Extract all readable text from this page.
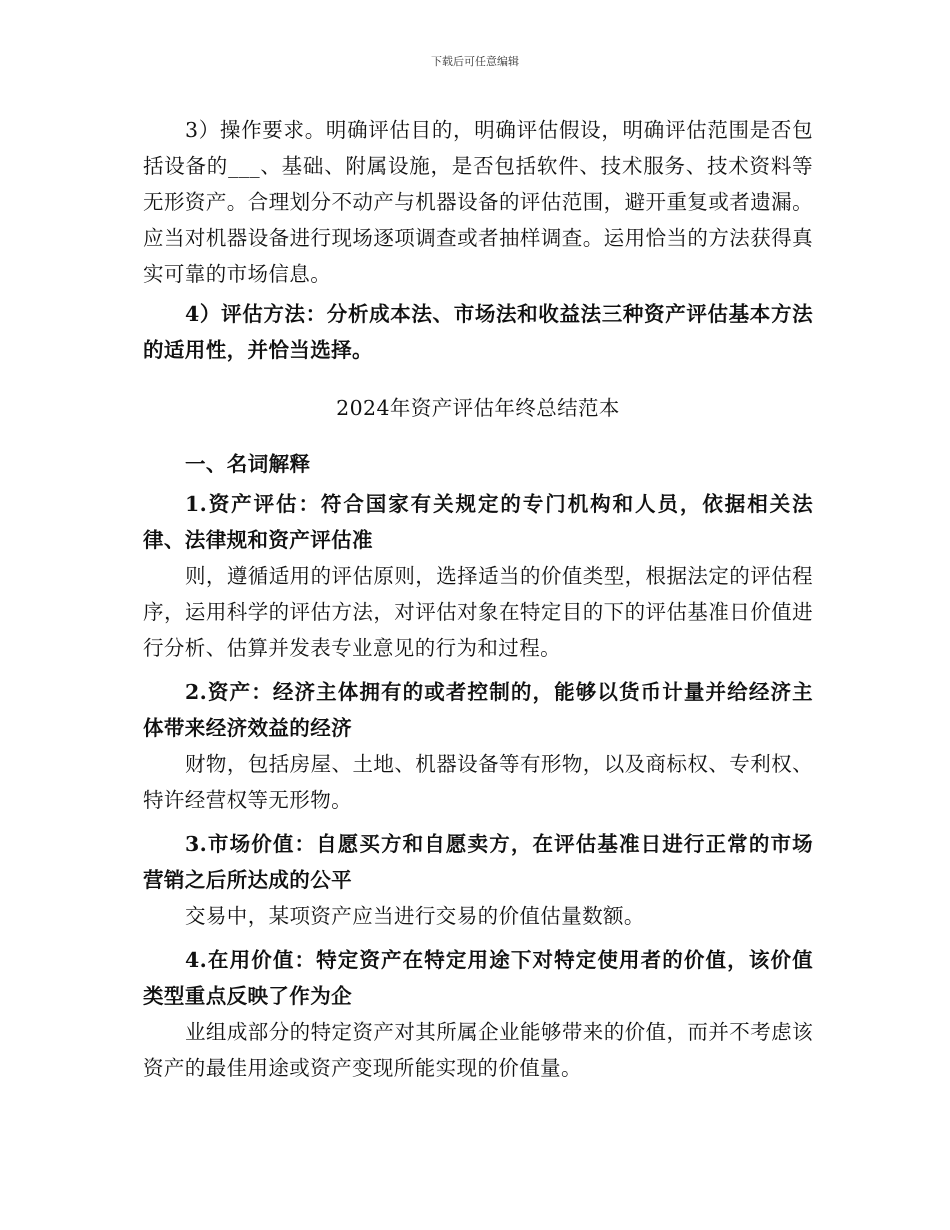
下载后可任意编辑

3）操作要求。明确评估目的，明确评估假设，明确评估范围是否包括设备的___、基础、附属设施，是否包括软件、技术服务、技术资料等无形资产。合理划分不动产与机器设备的评估范围，避开重复或者遗漏。应当对机器设备进行现场逐项调查或者抽样调查。运用恰当的方法获得真实可靠的市场信息。

4）评估方法：分析成本法、市场法和收益法三种资产评估基本方法的适用性，并恰当选择。

2024年资产评估年终总结范本

一、名词解释

1.资产评估：符合国家有关规定的专门机构和人员，依据相关法律、法律规和资产评估准

则，遵循适用的评估原则，选择适当的价值类型，根据法定的评估程序，运用科学的评估方法，对评估对象在特定目的下的评估基准日价值进行分析、估算并发表专业意见的行为和过程。

2.资产：经济主体拥有的或者控制的，能够以货币计量并给经济主体带来经济效益的经济

财物，包括房屋、土地、机器设备等有形物，以及商标权、专利权、特许经营权等无形物。

3.市场价值：自愿买方和自愿卖方，在评估基准日进行正常的市场营销之后所达成的公平

交易中，某项资产应当进行交易的价值估量数额。

4.在用价值：特定资产在特定用途下对特定使用者的价值，该价值类型重点反映了作为企

业组成部分的特定资产对其所属企业能够带来的价值，而并不考虑该资产的最佳用途或资产变现所能实现的价值量。
